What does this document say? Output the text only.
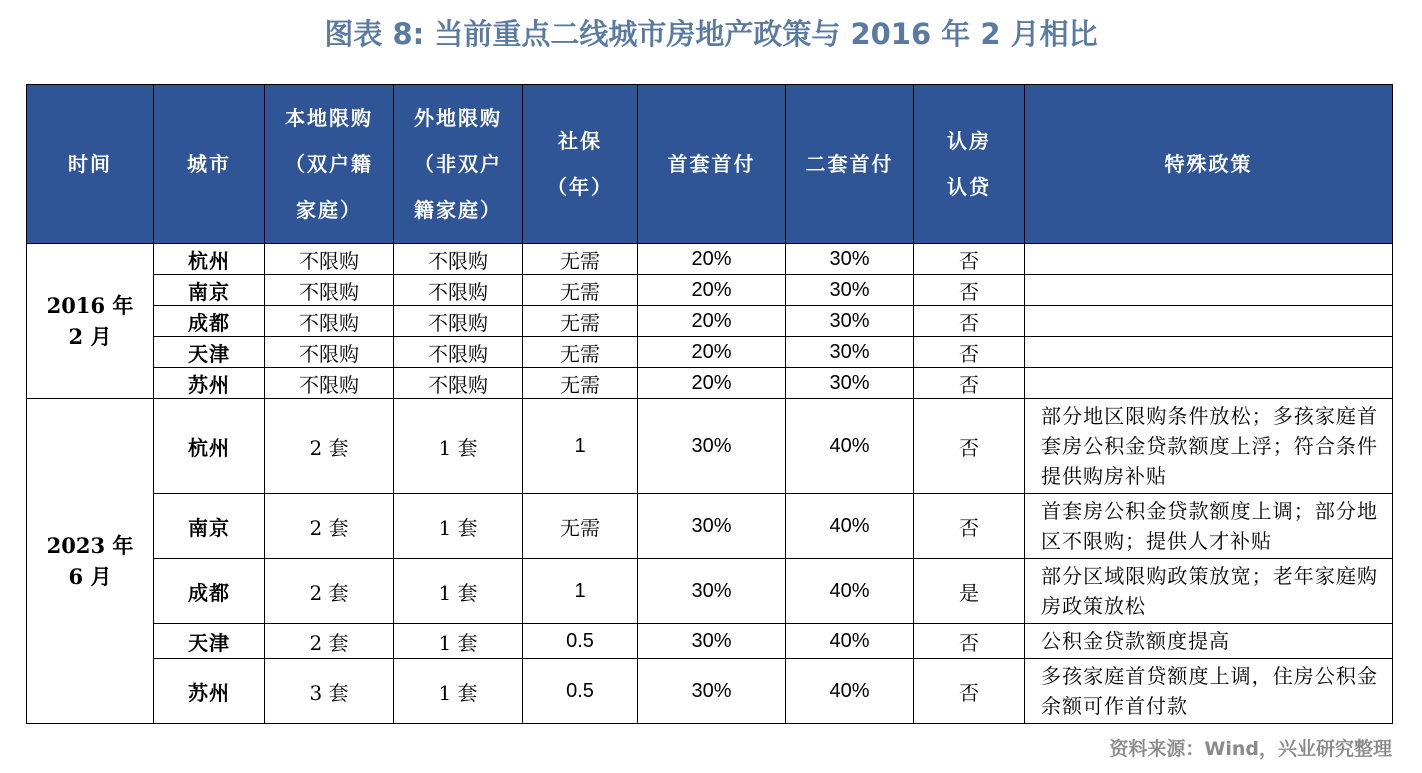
图表 8: 当前重点二线城市房地产政策与 2016 年 2 月相比
时间	城市	本地限购（双户籍家庭）	外地限购（非双户籍家庭）	社保（年）	首套首付	二套首付	认房认贷	特殊政策
2016 年 2 月	杭州	不限购	不限购	无需	20%	30%	否	
	南京	不限购	不限购	无需	20%	30%	否	
	成都	不限购	不限购	无需	20%	30%	否	
	天津	不限购	不限购	无需	20%	30%	否	
	苏州	不限购	不限购	无需	20%	30%	否	
2023 年 6 月	杭州	2 套	1 套	1	30%	40%	否	部分地区限购条件放松；多孩家庭首套房公积金贷款额度上浮；符合条件提供购房补贴
	南京	2 套	1 套	无需	30%	40%	否	首套房公积金贷款额度上调；部分地区不限购；提供人才补贴
	成都	2 套	1 套	1	30%	40%	是	部分区域限购政策放宽；老年家庭购房政策放松
	天津	2 套	1 套	0.5	30%	40%	否	公积金贷款额度提高
	苏州	3 套	1 套	0.5	30%	40%	否	多孩家庭首贷额度上调，住房公积金余额可作首付款
资料来源：Wind，兴业研究整理
